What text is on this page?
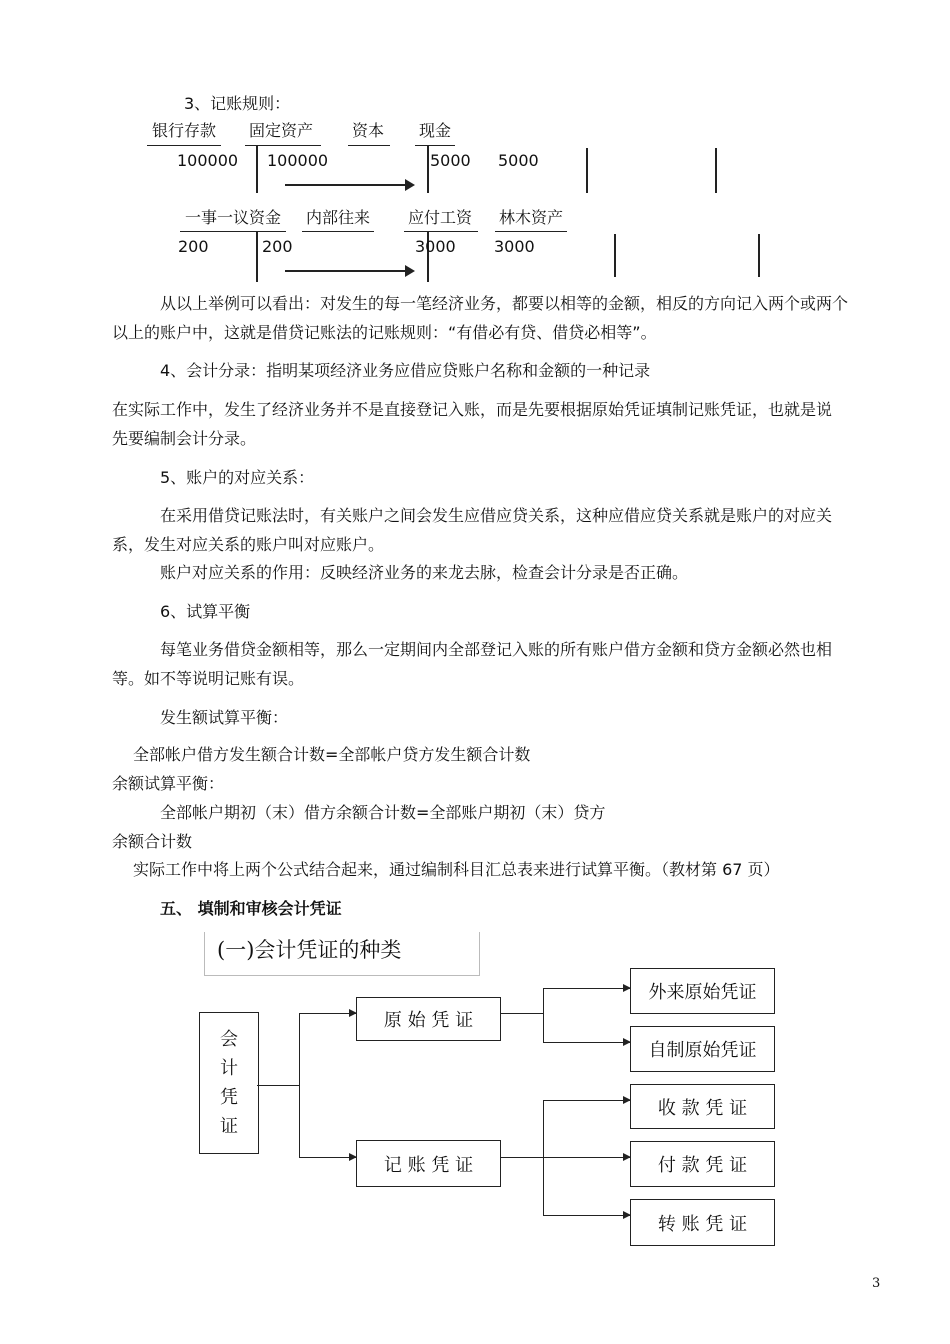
3、记账规则：
银行存款 固定资产 资本 现金
100000 100000	5000 5000
一事一议资金 内部往来 应付工资 林木资产
200	200	3000 3000
从以上举例可以看出：对发生的每一笔经济业务，都要以相等的金额，相反的方向记入两个或两个
以上的账户中，这就是借贷记账法的记账规则：“有借必有贷、借贷必相等”。
4、会计分录：指明某项经济业务应借应贷账户名称和金额的一种记录
在实际工作中，发生了经济业务并不是直接登记入账，而是先要根据原始凭证填制记账凭证，也就是说
先要编制会计分录。
5、账户的对应关系：
在采用借贷记账法时，有关账户之间会发生应借应贷关系，这种应借应贷关系就是账户的对应关
系，发生对应关系的账户叫对应账户。
账户对应关系的作用：反映经济业务的来龙去脉，检查会计分录是否正确。
6、试算平衡
每笔业务借贷金额相等，那么一定期间内全部登记入账的所有账户借方金额和贷方金额必然也相
等。如不等说明记账有误。
发生额试算平衡：
全部帐户借方发生额合计数=全部帐户贷方发生额合计数
余额试算平衡：
全部帐户期初（末）借方余额合计数=全部账户期初（末）贷方
余额合计数
实际工作中将上两个公式结合起来，通过编制科目汇总表来进行试算平衡。（教材第 67 页）
五、 填制和审核会计凭证
(一)会计凭证的种类
会
计
凭
证
原 始 凭 证
记 账 凭 证
外来原始凭证
自制原始凭证
收 款 凭 证
付 款 凭 证
转 账 凭 证
3
